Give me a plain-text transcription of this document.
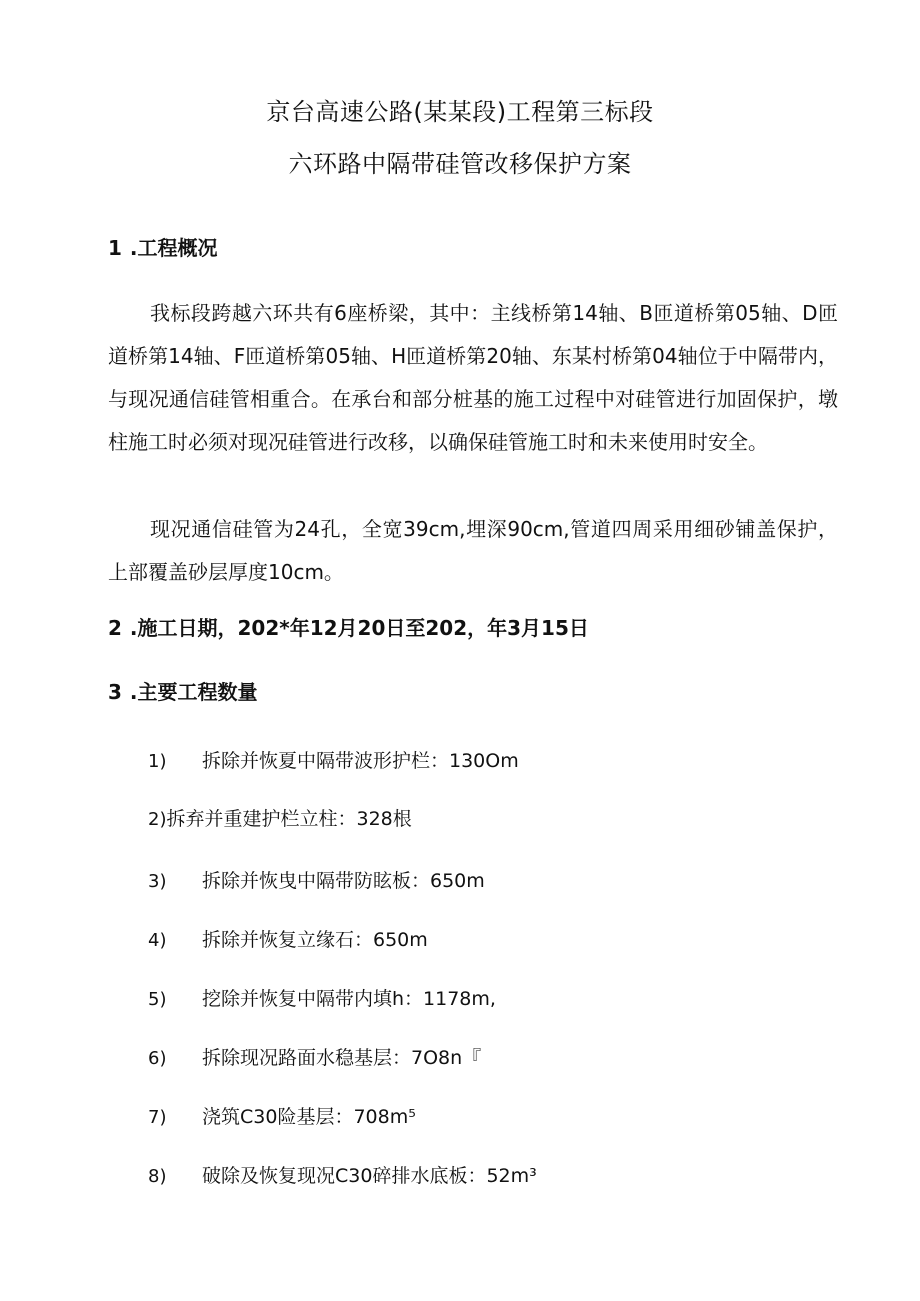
京台高速公路(某某段)工程第三标段
六环路中隔带硅管改移保护方案
1 .工程概况
我标段跨越六环共有6座桥梁，其中：主线桥第14轴、B匝道桥第05轴、D匝道桥第14轴、F匝道桥第05轴、H匝道桥第20轴、东某村桥第04轴位于中隔带内，与现况通信硅管相重合。在承台和部分桩基的施工过程中对硅管进行加固保护，墩柱施工时必须对现况硅管进行改移，以确保硅管施工时和未来使用时安全。
现况通信硅管为24孔，全宽39cm,埋深90cm,管道四周采用细砂铺盖保护，上部覆盖砂层厚度10cm。
2 .施工日期，202*年12月20日至202，年3月15日
3 .主要工程数量
1) 拆除并恢夏中隔带波形护栏：130Om
2)拆弃并重建护栏立柱：328根
3) 拆除并恢曳中隔带防眩板：650m
4) 拆除并恢复立缘石：650m
5) 挖除并恢复中隔带内填h：1178m,
6) 拆除现况路面水稳基层：7O8n『
7) 浇筑C30险基层：708m⁵
8) 破除及恢复现况C30碎排水底板：52m³
